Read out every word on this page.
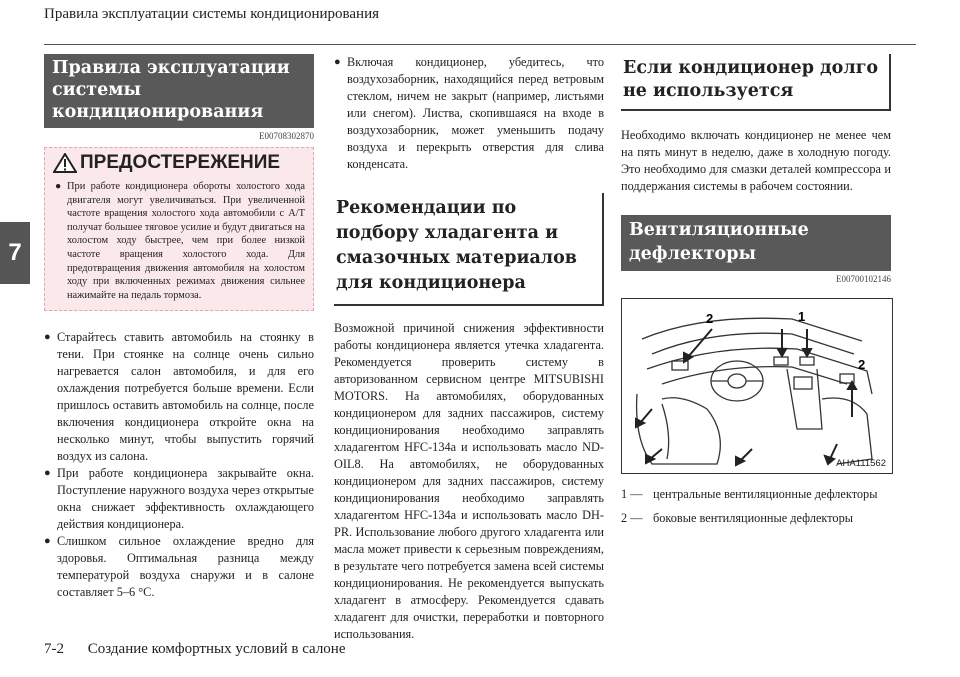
Правила эксплуатации системы кондиционирования
7
Правила эксплуатации системы кондиционирования
E00708302870
ПРЕДОСТЕРЕЖЕНИЕ
● При работе кондиционера обороты холостого хода двигателя могут увеличиваться. При увеличенной частоте вращения холостого хода автомобили с A/T получат большее тяговое усилие и будут двигаться на холостом ходу быстрее, чем при более низкой частоте вращения холостого хода. Для предотвращения движения автомобиля на холостом ходу при включенных режимах движения сильнее нажимайте на педаль тормоза.
● Старайтесь ставить автомобиль на стоянку в тени. При стоянке на солнце очень сильно нагревается салон автомобиля, и для его охлаждения потребуется больше времени. Если пришлось оставить автомобиль на солнце, после включения кондиционера откройте окна на несколько минут, чтобы выпустить горячий воздух из салона.
● При работе кондиционера закрывайте окна. Поступление наружного воздуха через открытые окна снижает эффективность охлаждающего действия кондиционера.
● Слишком сильное охлаждение вредно для здоровья. Оптимальная разница между температурой воздуха снаружи и в салоне составляет 5–6 °C.
● Включая кондиционер, убедитесь, что воздухозаборник, находящийся перед ветровым стеклом, ничем не закрыт (например, листьями или снегом). Листва, скопившаяся на входе в воздухозаборник, может уменьшить подачу воздуха и перекрыть отверстия для слива конденсата.
Рекомендации по подбору хладагента и смазочных материалов для кондиционера
Возможной причиной снижения эффективности работы кондиционера является утечка хладагента. Рекомендуется проверить систему в авторизованном сервисном центре MITSUBISHI MOTORS. На автомобилях, оборудованных кондиционером для задних пассажиров, систему кондиционирования необходимо заправлять хладагентом HFC-134a и использовать масло ND-OIL8. На автомобилях, не оборудованных кондиционером для задних пассажиров, систему кондиционирования необходимо заправлять хладагентом HFC-134a и использовать масло DH-PR. Использование любого другого хладагента или масла может привести к серьезным повреждениям, в результате чего потребуется замена всей системы кондиционирования. Не рекомендуется выпускать хладагент в атмосферу. Рекомендуется сдавать хладагент для очистки, переработки и повторного использования.
Если кондиционер долго не используется
Необходимо включать кондиционер не менее чем на пять минут в неделю, даже в холодную погоду. Это необходимо для смазки деталей компрессора и поддержания системы в рабочем состоянии.
Вентиляционные дефлекторы
E00700102146
1
2
2
AHA111562
1 — центральные вентиляционные дефлекторы
2 — боковые вентиляционные дефлекторы
7-2 Создание комфортных условий в салоне
